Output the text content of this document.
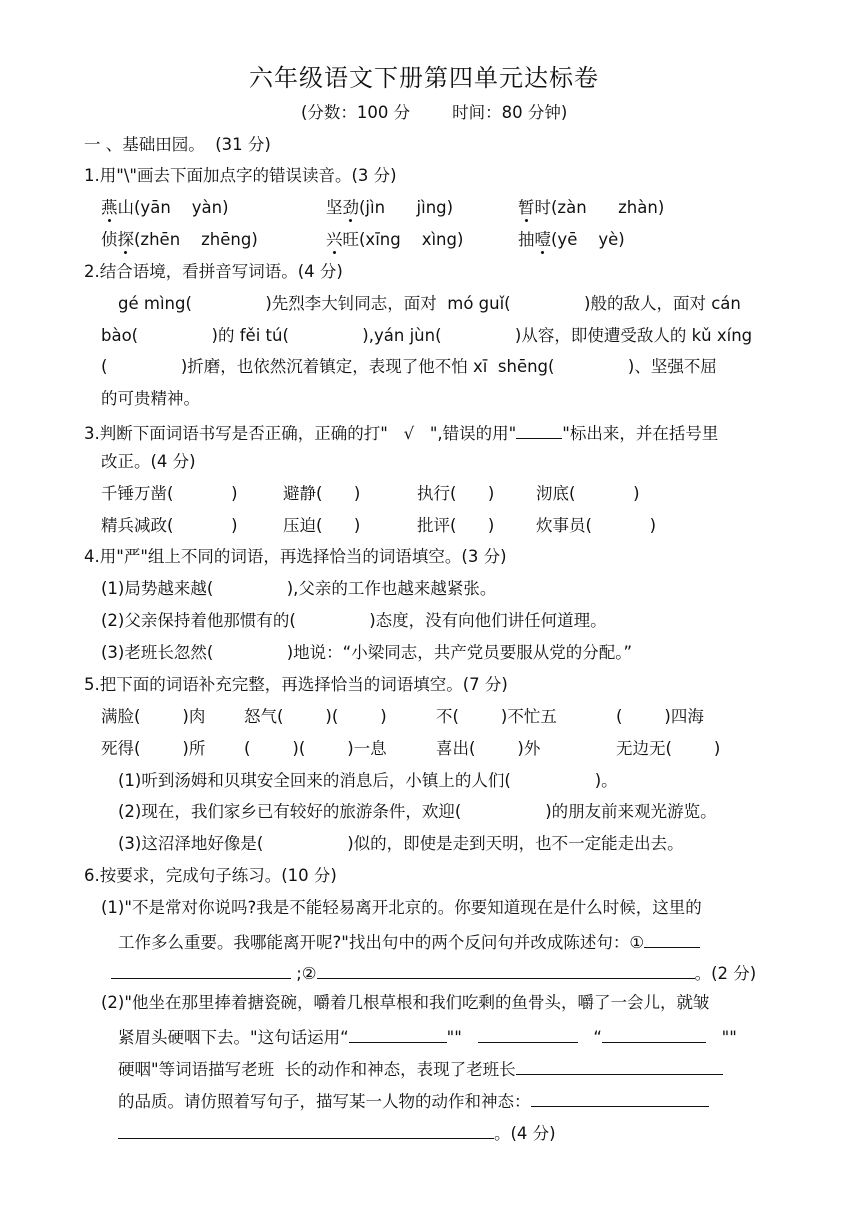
六年级语文下册第四单元达标卷
(分数：100 分        时间：80 分钟)
一 、基础田园。  (31 分)
1.用"\"画去下面加点字的错误读音。(3 分)
燕山(yān    yàn)	坚劲(jìn      jìng)	暂时(zàn      zhàn)
侦探(zhēn    zhēng)	兴旺(xīng    xìng)	抽噎(yē    yè)
2.结合语境，看拼音写词语。(4 分)
gé mìng(              )先烈李大钊同志，面对  mó guǐ(              )般的敌人，面对 cán
bào(              )的 fěi tú(              ),yán jùn(              )从容，即使遭受敌人的 kǔ xíng
(              )折磨，也依然沉着镇定，表现了他不怕 xī  shēng(              )、坚强不屈
的可贵精神。
3.判断下面词语书写是否正确，正确的打"   √   ",错误的用"	"标出来，并在括号里
改正。(4 分)
千锤万凿(           )	避静(      )	执行(      )	沏底(           )
精兵减政(           )	压迫(      )	批评(      )	炊事员(           )
4.用"严"组上不同的词语，再选择恰当的词语填空。(3 分)
(1)局势越来越(              ),父亲的工作也越来越紧张。
(2)父亲保持着他那惯有的(              )态度，没有向他们讲任何道理。
(3)老班长忽然(              )地说：“小梁同志，共产党员要服从党的分配。”
5.把下面的词语补充完整，再选择恰当的词语填空。(7 分)
满脸(        )肉 怒气(        )(        )	不(        )不忙五	(        )四海
死得(        )所 (        )(        )一息	喜出(        )外	无边无(        )
(1)听到汤姆和贝琪安全回来的消息后，小镇上的人们(                )。
(2)现在，我们家乡已有较好的旅游条件，欢迎(                )的朋友前来观光游览。
(3)这沼泽地好像是(                )似的，即使是走到天明，也不一定能走出去。
6.按要求，完成句子练习。(10 分)
(1)"不是常对你说吗?我是不能轻易离开北京的。你要知道现在是什么时候，这里的
工作多么重要。我哪能离开呢?"找出句中的两个反问句并改成陈述句：①
;②	。(2 分)
(2)"他坐在那里捧着搪瓷碗，嚼着几根草根和我们吃剩的鱼骨头，嚼了一会儿，就皱
紧眉头硬咽下去。"这句话运用“	""	“	""
硬咽"等词语描写老班  长的动作和神态，表现了老班长
的品质。请仿照着写句子，描写某一人物的动作和神态：
。(4 分)
